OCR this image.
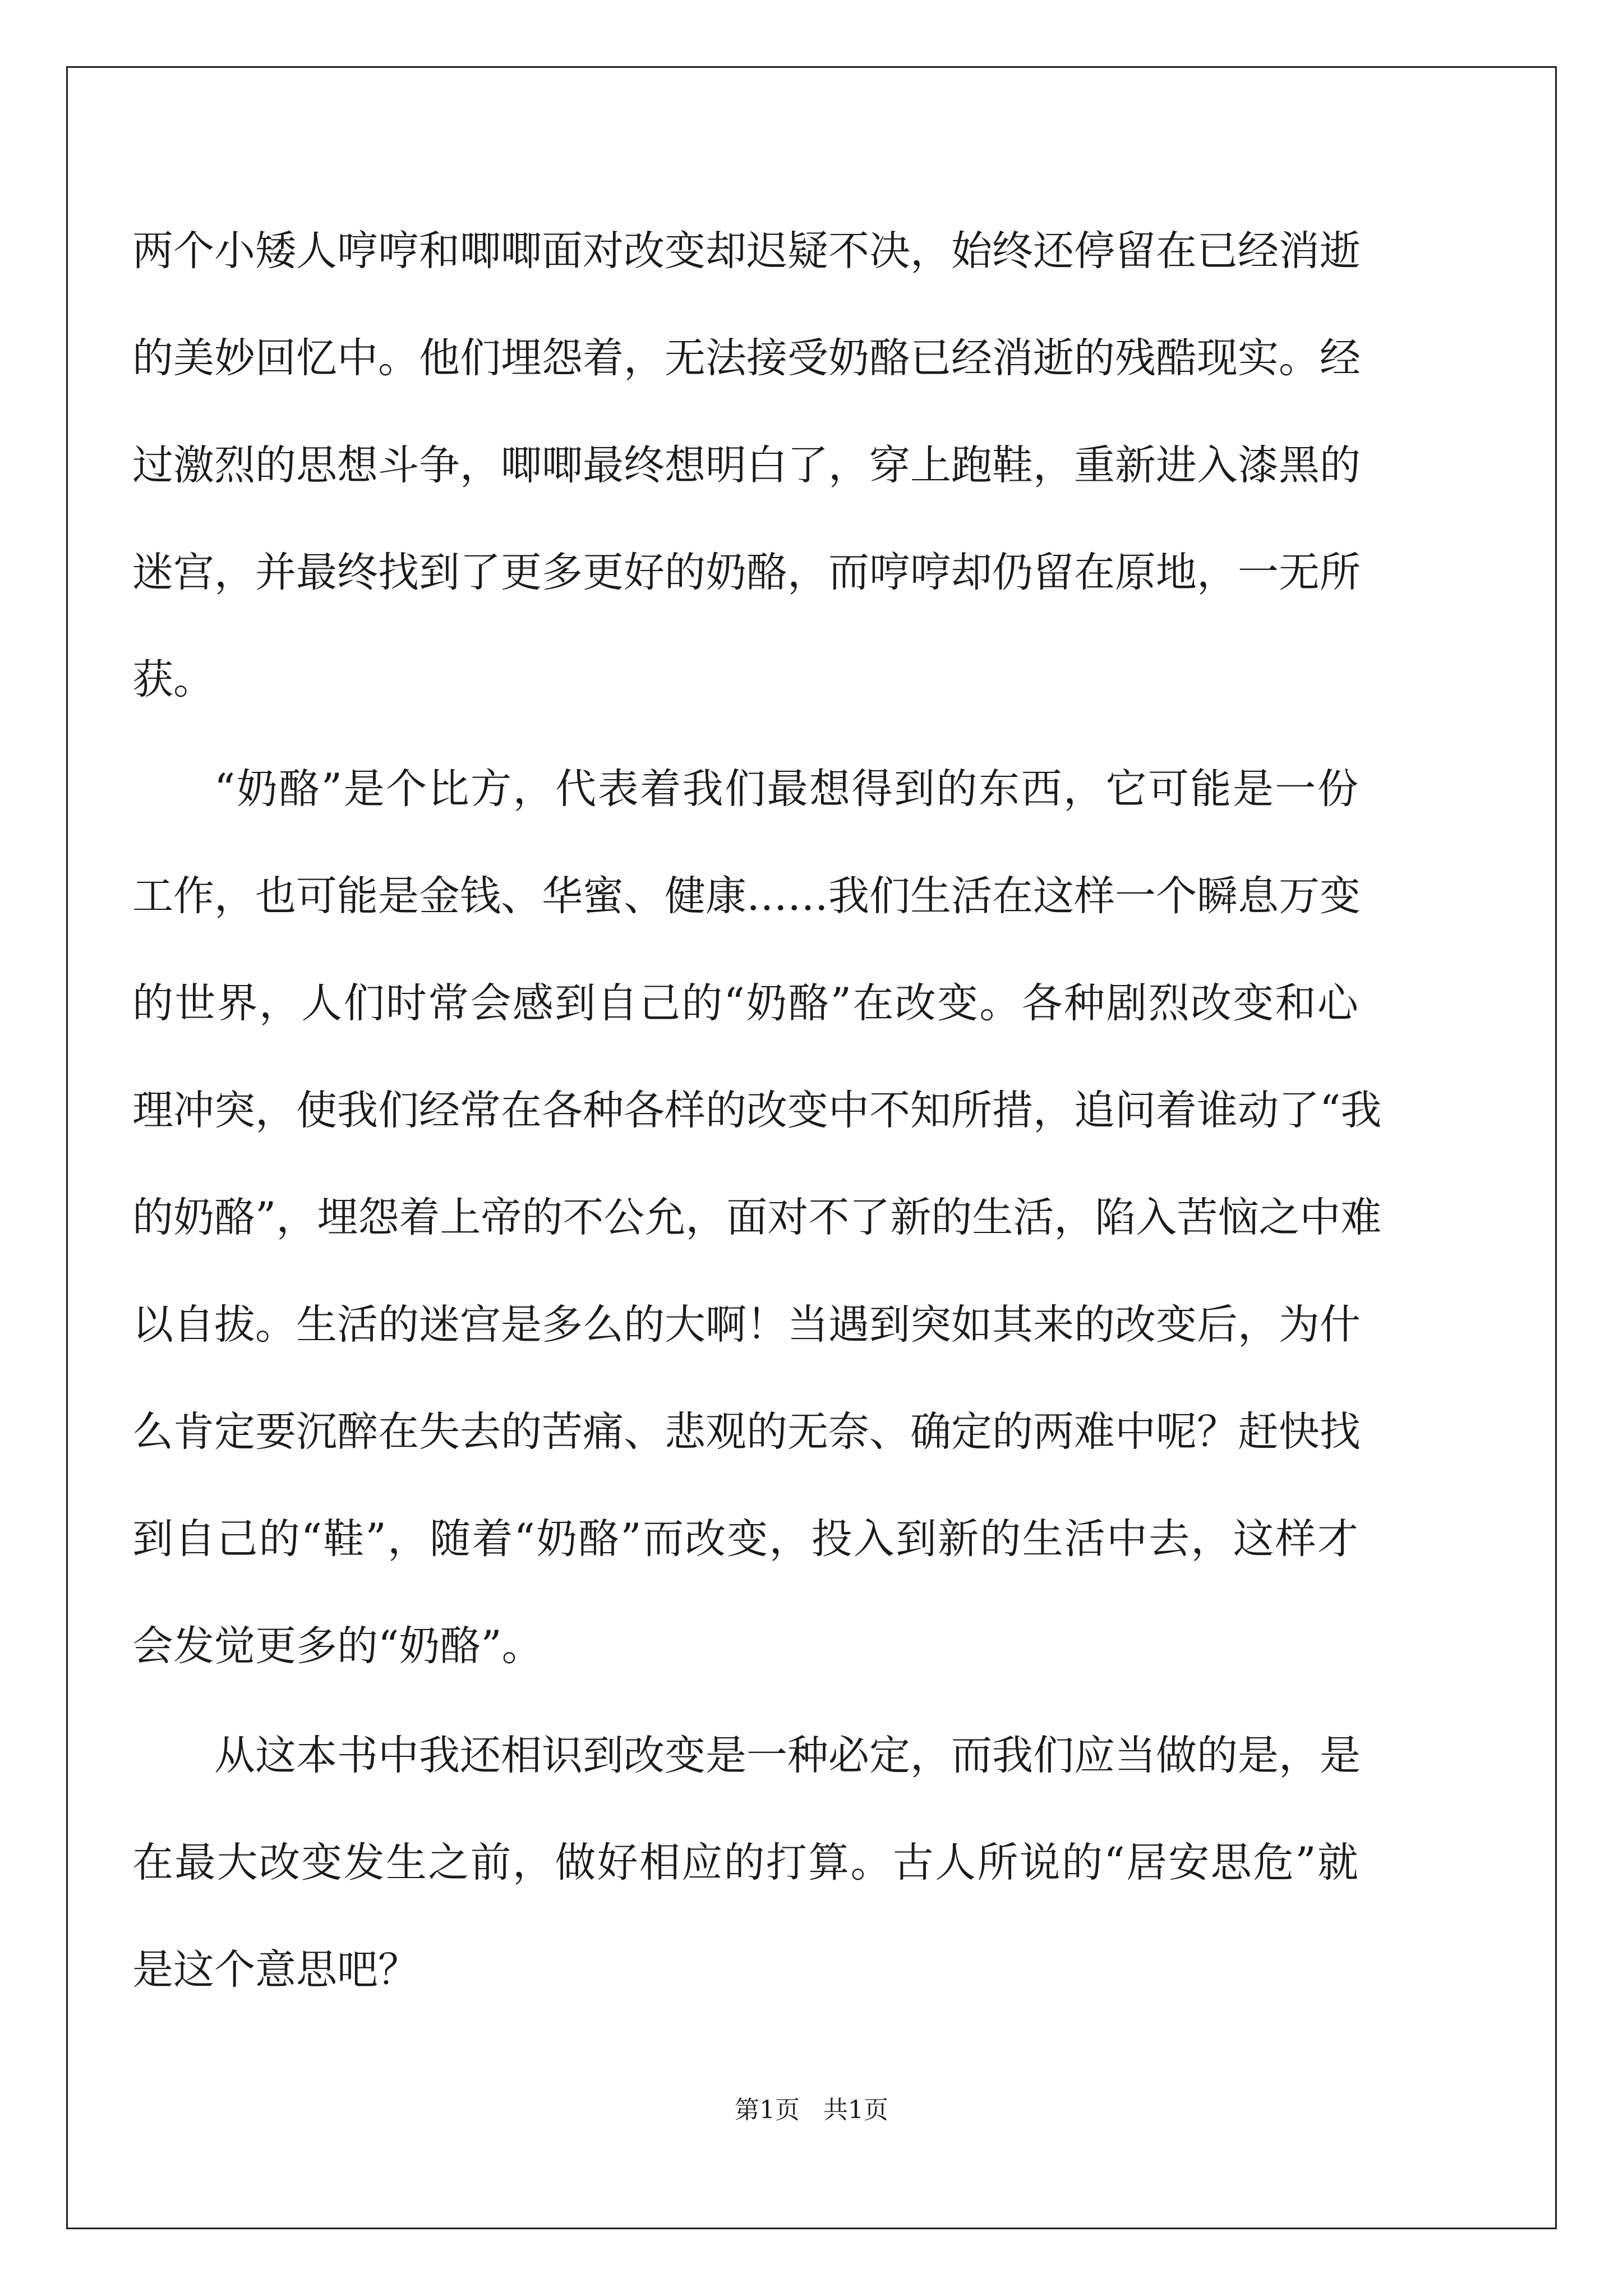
两个小矮人哼哼和唧唧面对改变却迟疑不决，始终还停留在已经消逝
的美妙回忆中。他们埋怨着，无法接受奶酪已经消逝的残酷现实。经
过激烈的思想斗争，唧唧最终想明白了，穿上跑鞋，重新进入漆黑的
迷宫，并最终找到了更多更好的奶酪，而哼哼却仍留在原地，一无所
获。
“奶酪”是个比方，代表着我们最想得到的东西，它可能是一份
工作，也可能是金钱、华蜜、健康……我们生活在这样一个瞬息万变
的世界，人们时常会感到自己的“奶酪”在改变。各种剧烈改变和心
理冲突，使我们经常在各种各样的改变中不知所措，追问着谁动了“我
的奶酪”，埋怨着上帝的不公允，面对不了新的生活，陷入苦恼之中难
以自拔。生活的迷宫是多么的大啊！当遇到突如其来的改变后，为什
么肯定要沉醉在失去的苦痛、悲观的无奈、确定的两难中呢？赶快找
到自己的“鞋”，随着“奶酪”而改变，投入到新的生活中去，这样才
会发觉更多的“奶酪”。
从这本书中我还相识到改变是一种必定，而我们应当做的是，是
在最大改变发生之前，做好相应的打算。古人所说的“居安思危”就
是这个意思吧？
第1页   共1页
